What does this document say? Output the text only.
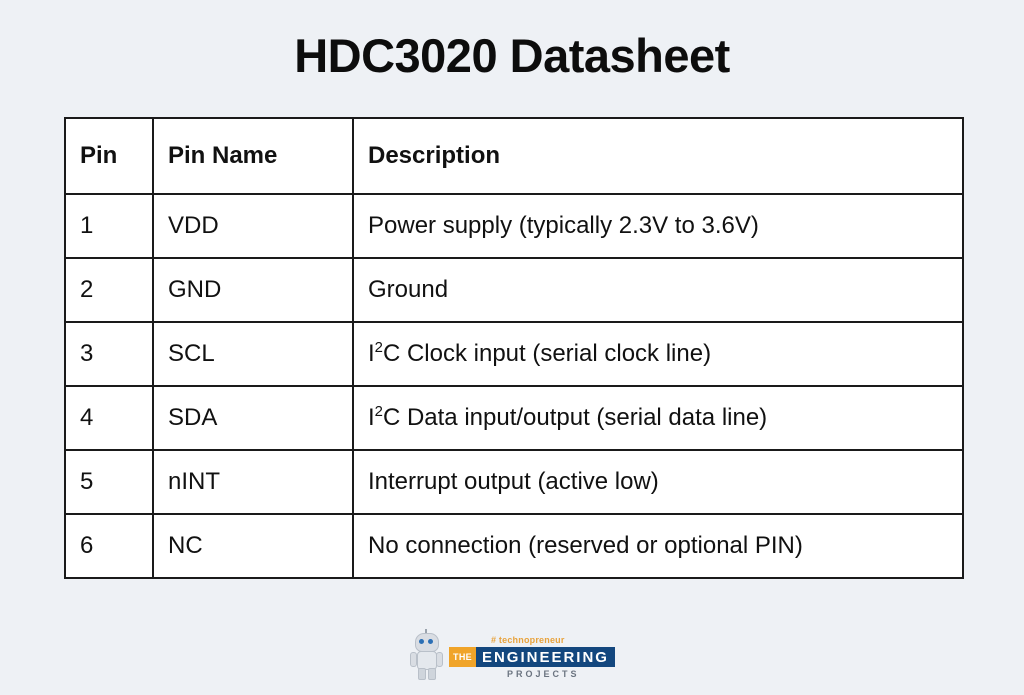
HDC3020 Datasheet
Pin	Pin Name	Description
1	VDD	Power supply (typically 2.3V to 3.6V)
2	GND	Ground
3	SCL	$I^2C$ Clock input (serial clock line)
4	SDA	$I^2C$ Data input/output (serial data line)
5	nINT	Interrupt output (active low)
6	NC	No connection (reserved or optional PIN)
# technopreneur
THE ENGINEERING
PROJECTS
